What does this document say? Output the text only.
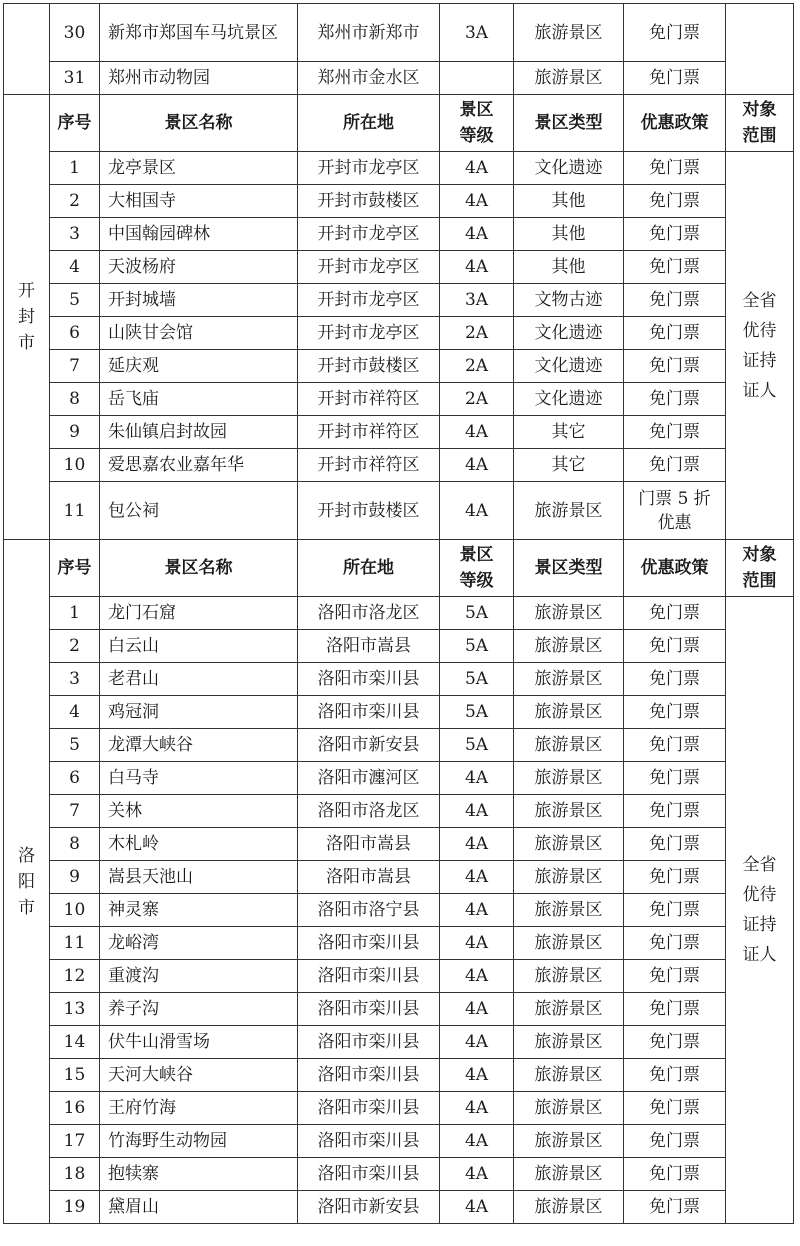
	30	新郑市郑国车马坑景区	郑州市新郑市	3A	旅游景区	免门票	
	31	郑州市动物园	郑州市金水区		旅游景区	免门票	
开封市	序号	景区名称	所在地	景区等级	景区类型	优惠政策	对象范围
	1	龙亭景区	开封市龙亭区	4A	文化遗迹	免门票	全省优待证持证人
	2	大相国寺	开封市鼓楼区	4A	其他	免门票	
	3	中国翰园碑林	开封市龙亭区	4A	其他	免门票	
	4	天波杨府	开封市龙亭区	4A	其他	免门票	
	5	开封城墙	开封市龙亭区	3A	文物古迹	免门票	
	6	山陕甘会馆	开封市龙亭区	2A	文化遗迹	免门票	
	7	延庆观	开封市鼓楼区	2A	文化遗迹	免门票	
	8	岳飞庙	开封市祥符区	2A	文化遗迹	免门票	
	9	朱仙镇启封故园	开封市祥符区	4A	其它	免门票	
	10	爱思嘉农业嘉年华	开封市祥符区	4A	其它	免门票	
	11	包公祠	开封市鼓楼区	4A	旅游景区	门票 5 折优惠	
洛阳市	序号	景区名称	所在地	景区等级	景区类型	优惠政策	对象范围
	1	龙门石窟	洛阳市洛龙区	5A	旅游景区	免门票	全省优待证持证人
	2	白云山	洛阳市嵩县	5A	旅游景区	免门票	
	3	老君山	洛阳市栾川县	5A	旅游景区	免门票	
	4	鸡冠洞	洛阳市栾川县	5A	旅游景区	免门票	
	5	龙潭大峡谷	洛阳市新安县	5A	旅游景区	免门票	
	6	白马寺	洛阳市瀍河区	4A	旅游景区	免门票	
	7	关林	洛阳市洛龙区	4A	旅游景区	免门票	
	8	木札岭	洛阳市嵩县	4A	旅游景区	免门票	
	9	嵩县天池山	洛阳市嵩县	4A	旅游景区	免门票	
	10	神灵寨	洛阳市洛宁县	4A	旅游景区	免门票	
	11	龙峪湾	洛阳市栾川县	4A	旅游景区	免门票	
	12	重渡沟	洛阳市栾川县	4A	旅游景区	免门票	
	13	养子沟	洛阳市栾川县	4A	旅游景区	免门票	
	14	伏牛山滑雪场	洛阳市栾川县	4A	旅游景区	免门票	
	15	天河大峡谷	洛阳市栾川县	4A	旅游景区	免门票	
	16	王府竹海	洛阳市栾川县	4A	旅游景区	免门票	
	17	竹海野生动物园	洛阳市栾川县	4A	旅游景区	免门票	
	18	抱犊寨	洛阳市栾川县	4A	旅游景区	免门票	
	19	黛眉山	洛阳市新安县	4A	旅游景区	免门票	
